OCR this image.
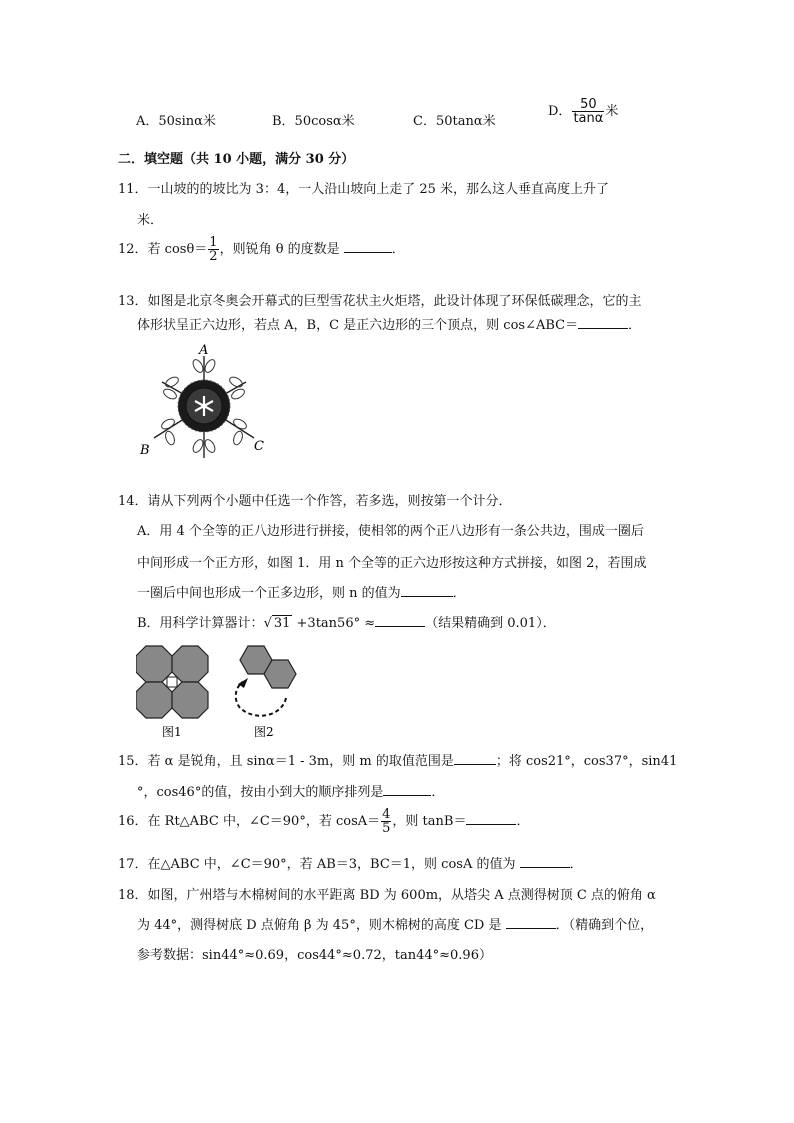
A．50sinα米	B．50cosα米	C．50tanα米
D． $\frac{50}{\tan\alpha}$ 米
二．填空题（共 10 小题，满分 30 分）
11．一山坡的的坡比为 3：4，一人沿山坡向上走了 25 米，那么这人垂直高度上升了
米．
12．若 $\cos\theta= \frac{1}{2}$ ，则锐角 θ 的度数是	．
13．如图是北京冬奥会开幕式的巨型雪花状主火炬塔，此设计体现了环保低碳理念，它的主
体形状呈正六边形，若点 A，B，C 是正六边形的三个顶点，则 cos∠ABC＝	．
A
B	C
14．请从下列两个小题中任选一个作答，若多选，则按第一个计分．
A．用 4 个全等的正八边形进行拼接，使相邻的两个正八边形有一条公共边，围成一圈后
中间形成一个正方形，如图 1．用 n 个全等的正六边形按这种方式拼接，如图 2，若围成
一圈后中间也形成一个正多边形，则 n 的值为	．
B．用科学计算器计：√ 31 +3tan56° ≈	（结果精确到 0.01）．
图1	图2
15．若 α 是锐角，且 sinα＝1 - 3m，则 m 的取值范围是	；将 cos21°，cos37°，sin41
°，cos46°的值，按由小到大的顺序排列是	．
16．在 Rt△ABC 中，∠C＝90°，若 $\cos A= \frac{4}{5}$ ，则 tanB＝	．
17．在△ABC 中，∠C＝90°，若 AB＝3，BC＝1，则 cosA 的值为	．
18．如图，广州塔与木棉树间的水平距离 BD 为 600m，从塔尖 A 点测得树顶 C 点的俯角 α
为 44°，测得树底 D 点俯角 β 为 45°，则木棉树的高度 CD 是	．（精确到个位，
参考数据：sin44°≈0.69，cos44°≈0.72，tan44°≈0.96）
